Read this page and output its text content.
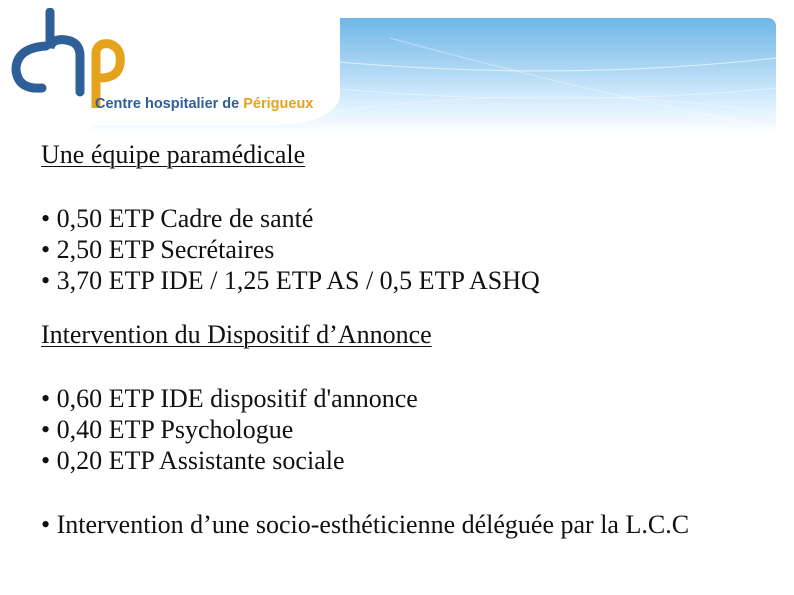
Centre hospitalier de Périgueux

Une équipe paramédicale

• 0,50 ETP Cadre de santé
• 2,50 ETP Secrétaires
• 3,70 ETP IDE / 1,25 ETP AS / 0,5 ETP ASHQ

Intervention du Dispositif d’Annonce

• 0,60 ETP IDE dispositif d'annonce
• 0,40 ETP Psychologue
• 0,20 ETP Assistante sociale

• Intervention d’une socio-esthéticienne déléguée par la L.C.C
